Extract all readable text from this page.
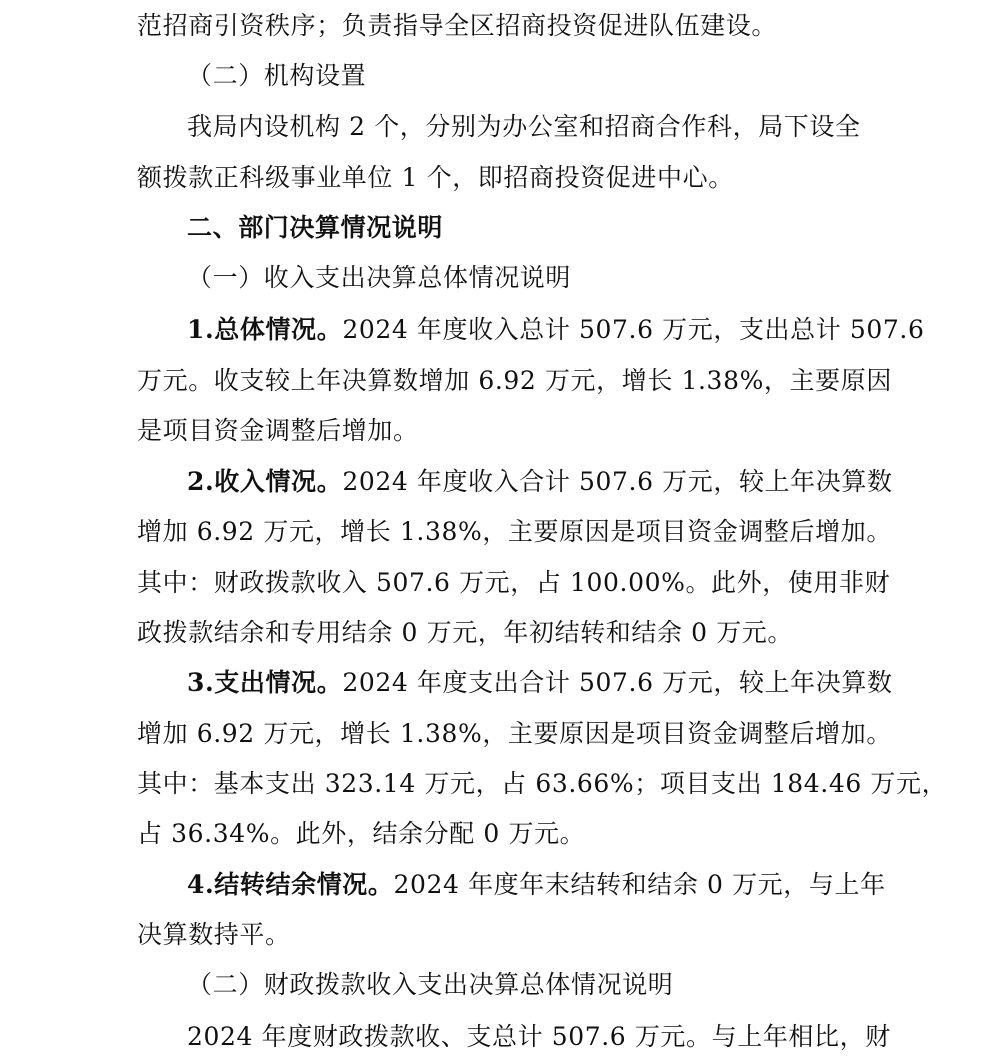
范招商引资秩序；负责指导全区招商投资促进队伍建设。
（二）机构设置
我局内设机构 2 个，分别为办公室和招商合作科，局下设全
额拨款正科级事业单位 1 个，即招商投资促进中心。
二、部门决算情况说明
（一）收入支出决算总体情况说明
1.总体情况。2024 年度收入总计 507.6 万元，支出总计 507.6
万元。收支较上年决算数增加 6.92 万元，增长 1.38%，主要原因
是项目资金调整后增加。
2.收入情况。2024 年度收入合计 507.6 万元，较上年决算数
增加 6.92 万元，增长 1.38%，主要原因是项目资金调整后增加。
其中：财政拨款收入 507.6 万元，占 100.00%。此外，使用非财
政拨款结余和专用结余 0 万元，年初结转和结余 0 万元。
3.支出情况。2024 年度支出合计 507.6 万元，较上年决算数
增加 6.92 万元，增长 1.38%，主要原因是项目资金调整后增加。
其中：基本支出 323.14 万元，占 63.66%；项目支出 184.46 万元，
占 36.34%。此外，结余分配 0 万元。
4.结转结余情况。2024 年度年末结转和结余 0 万元，与上年
决算数持平。
（二）财政拨款收入支出决算总体情况说明
2024 年度财政拨款收、支总计 507.6 万元。与上年相比，财
